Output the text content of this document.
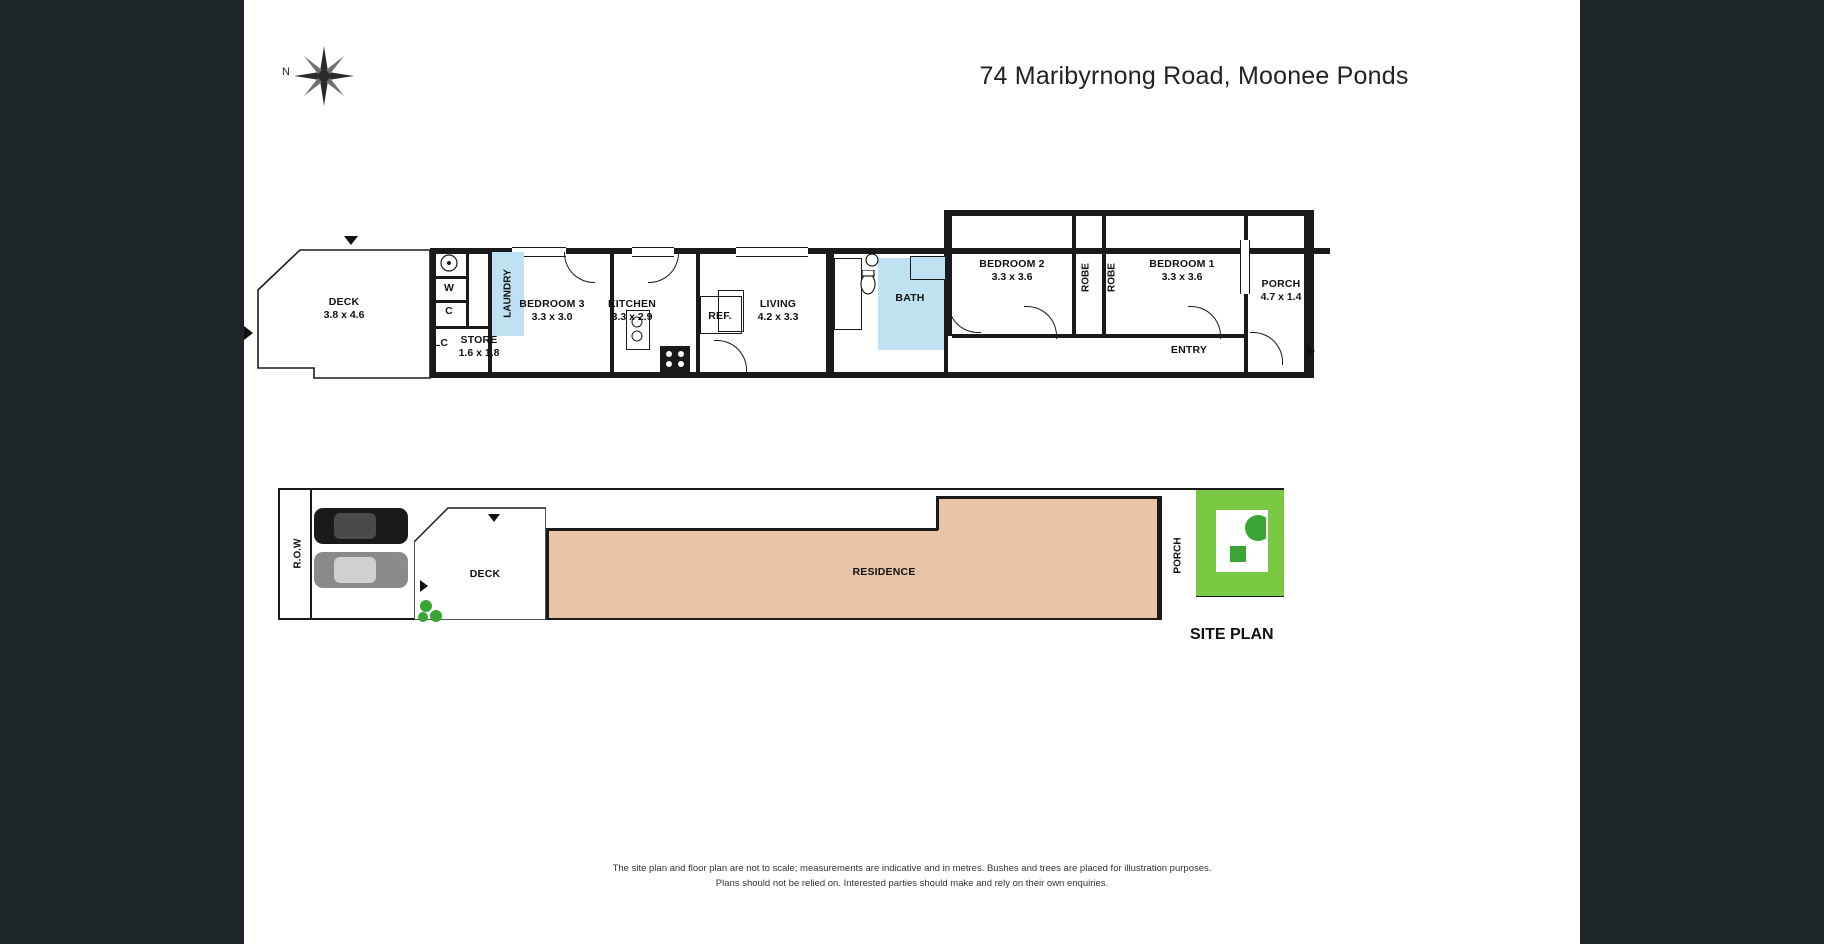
N	74 Maribyrnong Road, Moonee Ponds
DECK
3.8 x 4.6
BEDROOM 3
3.3 x 3.0
KITCHEN
3.3 x 2.9
LIVING
4.2 x 3.3
BEDROOM 2
3.3 x 3.6
BEDROOM 1
3.3 x 3.6
PORCH
4.7 x 1.4
STORE
1.6 x 1.8
BATH
ENTRY
LAUNDRY	ROBE ROBE
W
C
LC
REF.
R.O.W
DECK	RESIDENCE	PORCH
SITE PLAN
The site plan and floor plan are not to scale; measurements are indicative and in metres. Bushes and trees are placed for illustration purposes.
Plans should not be relied on. Interested parties should make and rely on their own enquiries.
